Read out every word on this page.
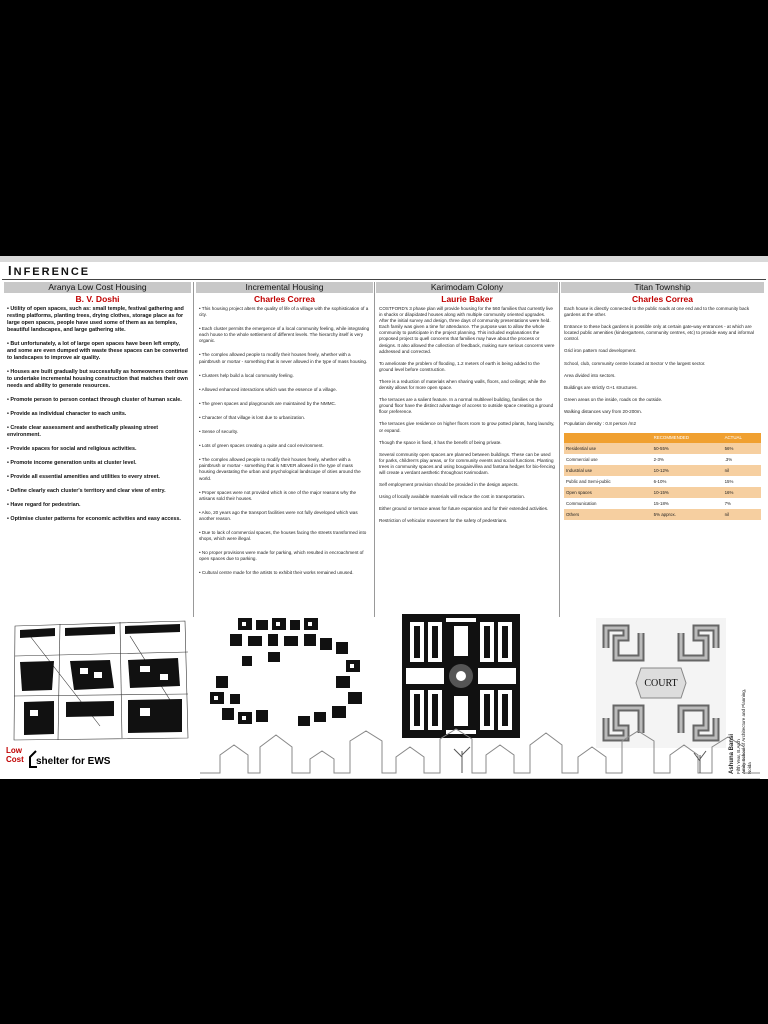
INFERENCE
Aranya Low Cost Housing
B. V. Doshi

• Utility of open spaces, such as: small temple, festival gathering and resting platforms, planting trees, drying clothes, storage place as for large open spaces, people have used some of them as as temples, beautiful landscapes, and large gathering site.

• But unfortunately, a lot of large open spaces have been left empty, and some are even dumped with waste these spaces can be converted to landscapes to improve air quality.

• Houses are built gradually but successfully as homeowners continue to undertake incremental housing construction that matches their own needs and ability to generate resources.

• Promote person to person contact through cluster of human scale.

• Provide as individual character to each units.

• Create clear assessment and aesthetically pleasing street environment.

• Provide spaces for social and religious activities.

• Promote income generation units at cluster level.

• Provide all essential amenities and utilities to every street.

• Define clearly each cluster's territory and clear view of entry.

• Have regard for pedestrian.

• Optimise cluster patterns for economic activities and easy access.

Incremental Housing
Charles Correa

• This housing project alters the quality of life of a village with the sophistication of a city.

• Each cluster permits the emergence of a local community feeling, while integrating each house to the whole settlement of different levels. The hierarchy itself is very organic.

• The complex allowed people to modify their houses freely, whether with a paintbrush or mortar - something that is never allowed in the type of mass housing.

• Clusters help build a local community feeling.

• Allowed enhanced interactions which was the essence of a village.

• The green spaces and playgrounds are maintained by the NMMC.

• Character of that village is lost due to urbanization.

• Sense of security.

• Lots of green spaces creating a quite and cool environment.

• The complex allowed people to modify their houses freely, whether with a paintbrush or mortar - something that is NEVER allowed in the type of mass housing devastating the urban and psychological landscape of cities around the world.

• Proper spaces were not provided which is one of the major reasons why the artisans sold their houses.

• Also, 20 years ago the transport facilities were not fully developed which was another reason.

• Due to lack of commercial spaces, the houses facing the streets transformed into shops, which were illegal.

• No proper provisions were made for parking, which resulted in encroachment of open spaces due to parking.

• Cultural centre made for the artists to exhibit their works remained unused.

Karimodam Colony
Laurie Baker

COSTFORD's 3 phase plan will provide housing for the 560 families that currently live in shacks or dilapidated houses along with multiple community oriented upgrades. After the initial survey and design, three days of community presentations were held. Each family was given a time for attendance. The purpose was to allow the whole community to participate in the project planning. This included explanations the proposed project to quell concerns that families may have about the process or designs. It also allowed the collection of feedback, making sure serious concerns were addressed and corrected.

To ameliorate the problem of flooding, 1.2 meters of earth is being added to the ground level before construction.

There is a reduction of materials when sharing walls, floors, and ceilings; while the density allows for more open space.

The terraces are a salient feature. In a normal multilevel building, families on the ground floor have the distinct advantage of access to outside space creating a ground floor preference.

The terraces give residence on higher floors room to grow potted plants, hang laundry, or expand.

Though the space is fixed, it has the benefit of being private.

Several community open spaces are planned between buildings. These can be used for parks, children's play areas, or for community events and social functions. Planting trees in community spaces and using bougainvillea and fantana hedges for bio-fencing will create a verdant aesthetic throughout Karimodam.

Self employment provision should be provided in the design aspects.

Using of locally available materials will reduce the cost in transportation.

Either ground or terrace areas for future expansion and for their extended activities.

Restriction of vehicular movement for the safety of pedestrians.

Titan Township
Charles Correa

Each house is directly connected to the public roads at one end and to the community back gardens at the other.

Entrance to these back gardens is possible only at certain gate-way entrances - at which are located public amenities (kindergartens, community centres, etc) to provide easy and informal control.

Grid iron pattern road development.

School, club, community centre located at Sector V the largest sector.

Area divided into sectors.

Buildings are strictly G+1 structures.

Green areas on the inside, roads on the outside.

Walking distances vary from 20-200m.

Population density : 0.8 person /m2

	RECOMMENDED	ACTUAL
Residential use	50-55%	56%
Commercial use	2-3%	.3%
Industrial use	10-12%	nil
Public and Semi-public	6-10%	15%
Open spaces	10-15%	16%
Communication	15-18%	7%
Others	5% approx.	nil
COURT
Low
Cost shelter for EWS	Ashuna Bansi Fifth Year, B.Arch Amity School of Architecture and Planning, Noida
